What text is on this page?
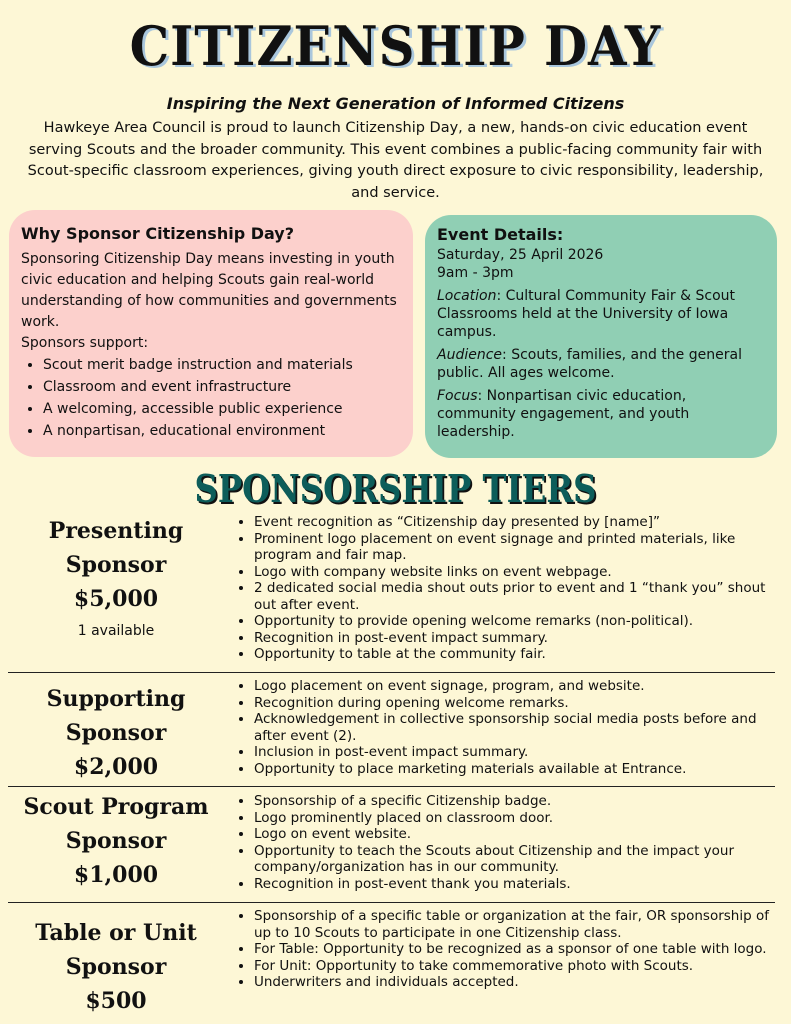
CITIZENSHIP DAY
Inspiring the Next Generation of Informed Citizens
Hawkeye Area Council is proud to launch Citizenship Day, a new, hands-on civic education event serving Scouts and the broader community. This event combines a public-facing community fair with Scout-specific classroom experiences, giving youth direct exposure to civic responsibility, leadership, and service.
Why Sponsor Citizenship Day?
Sponsoring Citizenship Day means investing in youth civic education and helping Scouts gain real-world understanding of how communities and governments work.
Sponsors support:
• Scout merit badge instruction and materials
• Classroom and event infrastructure
• A welcoming, accessible public experience
• A nonpartisan, educational environment
Event Details:

Saturday, 25 April 2026
9am - 3pm

Location: Cultural Community Fair & Scout Classrooms held at the University of Iowa campus.

Audience: Scouts, families, and the general public. All ages welcome.

Focus: Nonpartisan civic education, community engagement, and youth leadership.

SPONSORSHIP TIERS
Presenting Sponsor
$5,000
1 available
• Event recognition as “Citizenship day presented by [name]”
• Prominent logo placement on event signage and printed materials, like program and fair map.
• Logo with company website links on event webpage.
• 2 dedicated social media shout outs prior to event and 1 “thank you” shout out after event.
• Opportunity to provide opening welcome remarks (non-political).
• Recognition in post-event impact summary.
• Opportunity to table at the community fair.
Supporting Sponsor
$2,000
• Logo placement on event signage, program, and website.
• Recognition during opening welcome remarks.
• Acknowledgement in collective sponsorship social media posts before and after event (2).
• Inclusion in post-event impact summary.
• Opportunity to place marketing materials available at Entrance.
Scout Program
Sponsor
$1,000
• Sponsorship of a specific Citizenship badge.
• Logo prominently placed on classroom door.
• Logo on event website.
• Opportunity to teach the Scouts about Citizenship and the impact your company/organization has in our community.
• Recognition in post-event thank you materials.
Table or Unit Sponsor
$500
• Sponsorship of a specific table or organization at the fair, OR sponsorship of up to 10 Scouts to participate in one Citizenship class.
• For Table: Opportunity to be recognized as a sponsor of one table with logo.
• For Unit: Opportunity to take commemorative photo with Scouts.
• Underwriters and individuals accepted.
